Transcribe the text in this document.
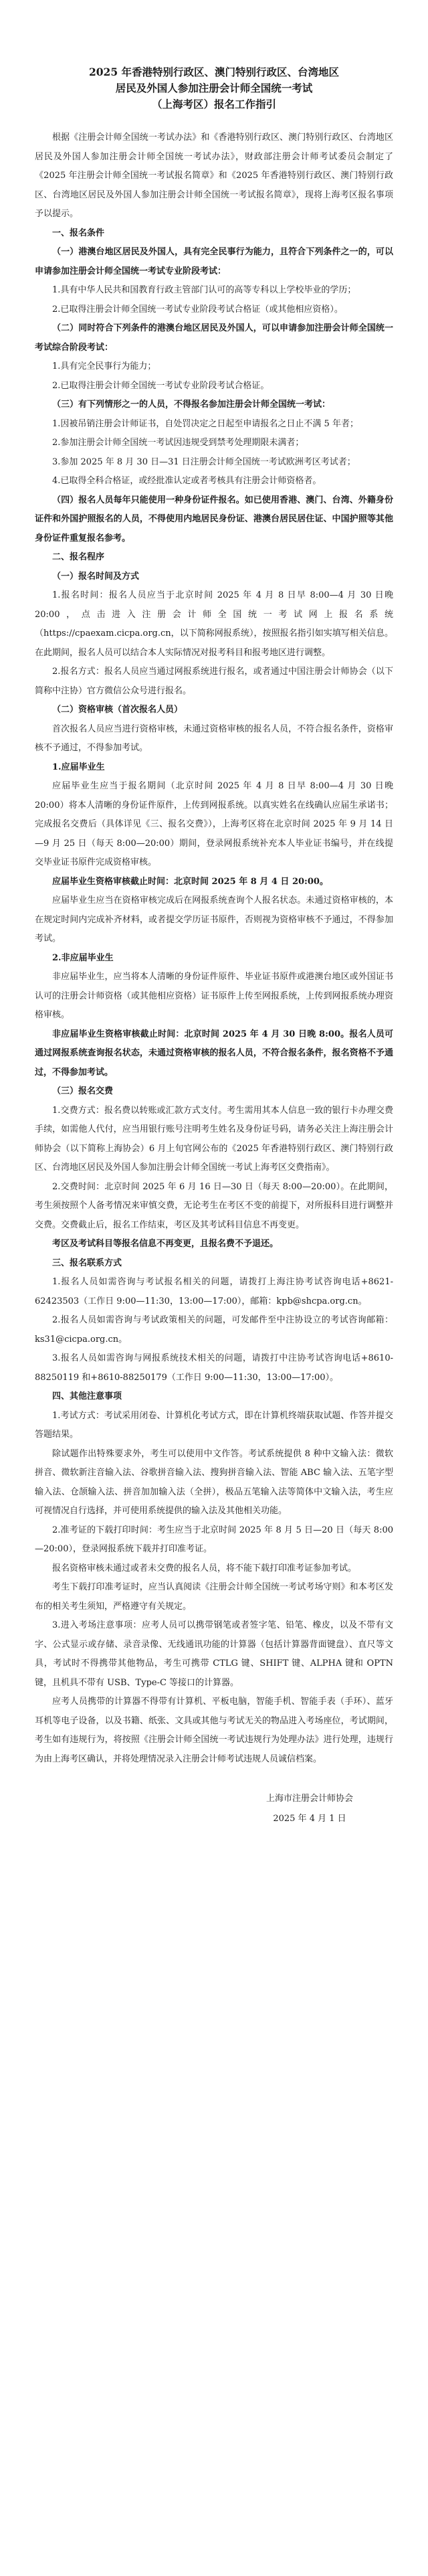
2025 年香港特别行政区、澳门特别行政区、台湾地区
居民及外国人参加注册会计师全国统一考试
（上海考区）报名工作指引

根据《注册会计师全国统一考试办法》和《香港特别行政区、澳门特别行政区、台湾地区居民及外国人参加注册会计师全国统一考试办法》，财政部注册会计师考试委员会制定了《2025 年注册会计师全国统一考试报名简章》和《2025 年香港特别行政区、澳门特别行政区、台湾地区居民及外国人参加注册会计师全国统一考试报名简章》，现将上海考区报名事项予以提示。

一、报名条件

（一）港澳台地区居民及外国人，具有完全民事行为能力，且符合下列条件之一的，可以申请参加注册会计师全国统一考试专业阶段考试：

1.具有中华人民共和国教育行政主管部门认可的高等专科以上学校毕业的学历；

2.已取得注册会计师全国统一考试专业阶段考试合格证（或其他相应资格）。

（二）同时符合下列条件的港澳台地区居民及外国人，可以申请参加注册会计师全国统一考试综合阶段考试：

1.具有完全民事行为能力；

2.已取得注册会计师全国统一考试专业阶段考试合格证。

（三）有下列情形之一的人员，不得报名参加注册会计师全国统一考试：

1.因被吊销注册会计师证书，自处罚决定之日起至申请报名之日止不满 5 年者；

2.参加注册会计师全国统一考试因违规受到禁考处理期限未满者；

3.参加 2025 年 8 月 30 日—31 日注册会计师全国统一考试欧洲考区考试者；

4.已取得全科合格证，或经批准认定或者考核具有注册会计师资格者。

（四）报名人员每年只能使用一种身份证件报名。如已使用香港、澳门、台湾、外籍身份证件和外国护照报名的人员，不得使用内地居民身份证、港澳台居民居住证、中国护照等其他身份证件重复报名参考。

二、报名程序

（一）报名时间及方式

1.报名时间：报名人员应当于北京时间 2025 年 4 月 8 日早 8:00—4 月 30 日晚 20:00，点击进入注册会计师全国统一考试网上报名系统（https://cpaexam.cicpa.org.cn，以下简称网报系统），按照报名指引如实填写相关信息。在此期间，报名人员可以结合本人实际情况对报考科目和报考地区进行调整。

2.报名方式：报名人员应当通过网报系统进行报名，或者通过中国注册会计师协会（以下简称中注协）官方微信公众号进行报名。

（二）资格审核（首次报名人员）

首次报名人员应当进行资格审核，未通过资格审核的报名人员，不符合报名条件，资格审核不予通过，不得参加考试。

1.应届毕业生

应届毕业生应当于报名期间（北京时间 2025 年 4 月 8 日早 8:00—4 月 30 日晚 20:00）将本人清晰的身份证件原件，上传到网报系统。以真实姓名在线确认应届生承诺书；完成报名交费后（具体详见《三、报名交费》），上海考区将在北京时间 2025 年 9 月 14 日—9 月 25 日（每天 8:00—20:00）期间，登录网报系统补充本人毕业证书编号，并在线提交毕业证书原件完成资格审核。

应届毕业生资格审核截止时间：北京时间 2025 年 8 月 4 日 20:00。

应届毕业生应当在资格审核完成后在网报系统查询个人报名状态。未通过资格审核的，本在规定时间内完成补齐材料，或者提交学历证书原件，否则视为资格审核不予通过，不得参加考试。

2.非应届毕业生

非应届毕业生，应当将本人清晰的身份证件原件、毕业证书原件或港澳台地区或外国证书认可的注册会计师资格（或其他相应资格）证书原件上传至网报系统，上传到网报系统办理资格审核。

非应届毕业生资格审核截止时间：北京时间 2025 年 4 月 30 日晚 8:00。报名人员可通过网报系统查询报名状态，未通过资格审核的报名人员，不符合报名条件，报名资格不予通过，不得参加考试。

（三）报名交费

1.交费方式：报名费以转账或汇款方式支付。考生需用其本人信息一致的银行卡办理交费手续，如需他人代付，应当用银行账号注明考生姓名及身份证号码，请务必关注上海注册会计师协会（以下简称上海协会）6 月上旬官网公布的《2025 年香港特别行政区、澳门特别行政区、台湾地区居民及外国人参加注册会计师全国统一考试上海考区交费指南》。

2.交费时间：北京时间 2025 年 6 月 16 日—30 日（每天 8:00—20:00）。在此期间，考生须按照个人备考情况来审慎交费，无论考生在考区不变的前提下，对所报科目进行调整并交费。交费截止后，报名工作结束，考区及其考试科目信息不再变更。

考区及考试科目等报名信息不再变更，且报名费不予退还。

三、报名联系方式

1.报名人员如需咨询与考试报名相关的问题，请拨打上海注协考试咨询电话+8621-62423503（工作日 9:00—11:30，13:00—17:00），邮箱：kpb@shcpa.org.cn。

2.报名人员如需咨询与考试政策相关的问题，可发邮件至中注协设立的考试咨询邮箱：ks31@cicpa.org.cn。

3.报名人员如需咨询与网报系统技术相关的问题，请拨打中注协考试咨询电话+8610-88250119 和+8610-88250179（工作日 9:00—11:30，13:00—17:00）。

四、其他注意事项

1.考试方式：考试采用闭卷、计算机化考试方式，即在计算机终端获取试题、作答并提交答题结果。

除试题作出特殊要求外，考生可以使用中文作答。考试系统提供 8 种中文输入法：微软拼音、微软新注音输入法、谷歌拼音输入法、搜狗拼音输入法、智能 ABC 输入法、五笔字型输入法、仓颉输入法、拼音加加输入法（全拼），极品五笔输入法等简体中文输入法，考生应可视情况自行选择，并可使用系统提供的输入法及其他相关功能。

2.准考证的下载打印时间：考生应当于北京时间 2025 年 8 月 5 日—20 日（每天 8:00—20:00），登录网报系统下载并打印准考证。

报名资格审核未通过或者未交费的报名人员，将不能下载打印准考证参加考试。

考生下载打印准考证时，应当认真阅读《注册会计师全国统一考试考场守则》和本考区发布的相关考生须知，严格遵守有关规定。

3.进入考场注意事项：应考人员可以携带钢笔或者签字笔、铅笔、橡皮，以及不带有文字、公式显示或存储、录音录像、无线通讯功能的计算器（包括计算器背面键盘）、直尺等文具，考试时不得携带其他物品，考生可携带 CTLG 键、SHIFT 键、ALPHA 键和 OPTN 键，且机具不带有 USB、Type-C 等接口的计算器。

应考人员携带的计算器不得带有计算机、平板电脑，智能手机、智能手表（手环）、蓝牙耳机等电子设备，以及书籍、纸张、文具或其他与考试无关的物品进入考场座位，考试期间，考生如有违规行为，将按照《注册会计师全国统一考试违规行为处理办法》进行处理，违规行为由上海考区确认，并将处理情况录入注册会计师考试违规人员诚信档案。

上海市注册会计师协会
2025 年 4 月 1 日
